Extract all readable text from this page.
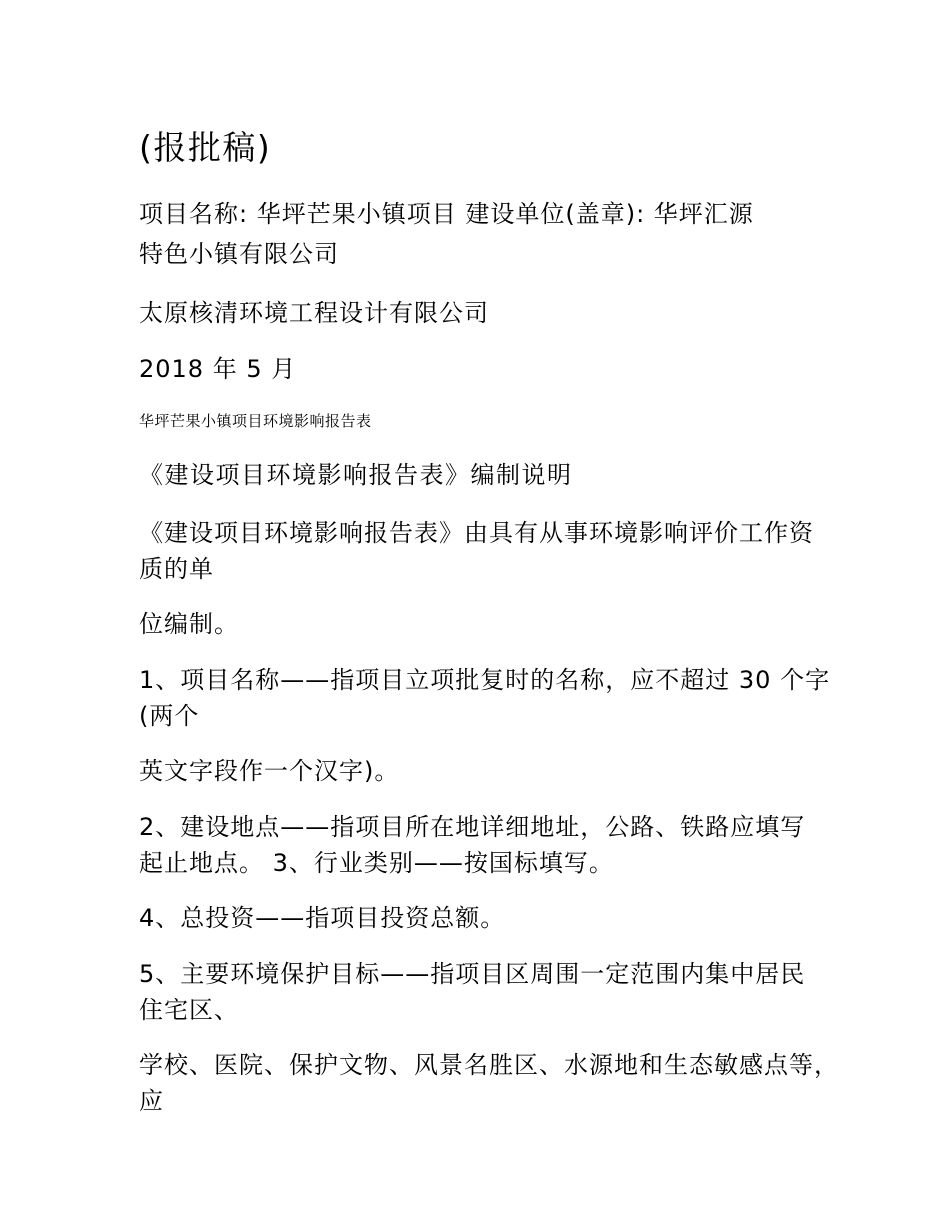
(报批稿)

项目名称: 华坪芒果小镇项目 建设单位(盖章): 华坪汇源

特色小镇有限公司

太原核清环境工程设计有限公司

2018 年 5 月

华坪芒果小镇项目环境影响报告表

《建设项目环境影响报告表》编制说明

《建设项目环境影响报告表》由具有从事环境影响评价工作资

质的单

位编制。

1、项目名称——指项目立项批复时的名称，应不超过 30 个字

(两个

英文字段作一个汉字)。

2、建设地点——指项目所在地详细地址，公路、铁路应填写

起止地点。 3、行业类别——按国标填写。

4、总投资——指项目投资总额。

5、主要环境保护目标——指项目区周围一定范围内集中居民

住宅区、

学校、医院、保护文物、风景名胜区、水源地和生态敏感点等，

应
